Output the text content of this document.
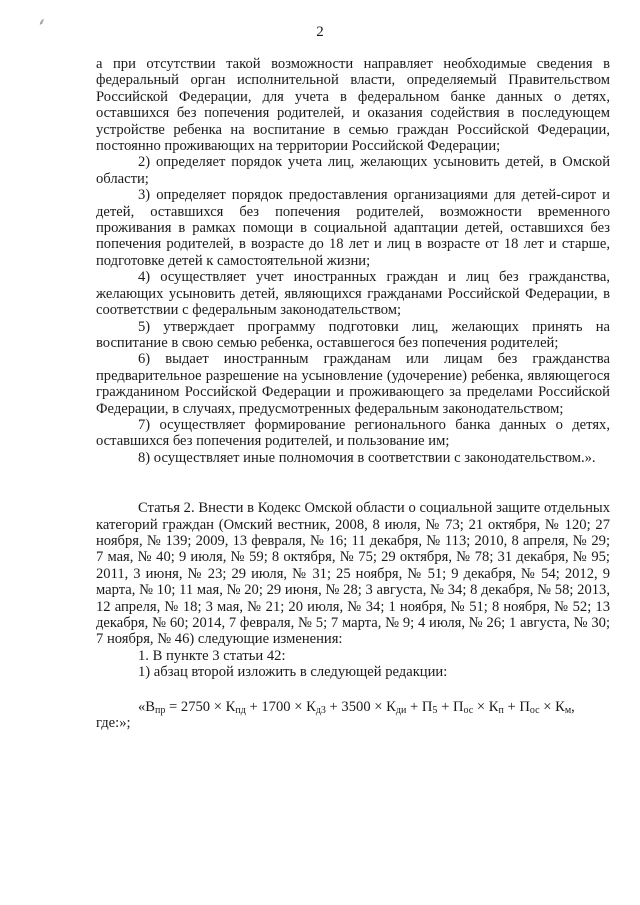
⸙
2

а при отсутствии такой возможности направляет необходимые сведения в федеральный орган исполнительной власти, определяемый Правительством Российской Федерации, для учета в федеральном банке данных о детях, оставшихся без попечения родителей, и оказания содействия в последующем устройстве ребенка на воспитание в семью граждан Российской Федерации, постоянно проживающих на территории Российской Федерации;

2) определяет порядок учета лиц, желающих усыновить детей, в Омской области;

3) определяет порядок предоставления организациями для детей-сирот и детей, оставшихся без попечения родителей, возможности временного проживания в рамках помощи в социальной адаптации детей, оставшихся без попечения родителей, в возрасте до 18 лет и лиц в возрасте от 18 лет и старше, подготовке детей к самостоятельной жизни;

4) осуществляет учет иностранных граждан и лиц без гражданства, желающих усыновить детей, являющихся гражданами Российской Федерации, в соответствии с федеральным законодательством;

5) утверждает программу подготовки лиц, желающих принять на воспитание в свою семью ребенка, оставшегося без попечения родителей;

6) выдает иностранным гражданам или лицам без гражданства предварительное разрешение на усыновление (удочерение) ребенка, являющегося гражданином Российской Федерации и проживающего за пределами Российской Федерации, в случаях, предусмотренных федеральным законодательством;

7) осуществляет формирование регионального банка данных о детях, оставшихся без попечения родителей, и пользование им;

8) осуществляет иные полномочия в соответствии с законодательством.».

Статья 2. Внести в Кодекс Омской области о социальной защите отдельных категорий граждан (Омский вестник, 2008, 8 июля, № 73; 21 октября, № 120; 27 ноября, № 139; 2009, 13 февраля, № 16; 11 декабря, № 113; 2010, 8 апреля, № 29; 7 мая, № 40; 9 июля, № 59; 8 октября, № 75; 29 октября, № 78; 31 декабря, № 95; 2011, 3 июня, № 23; 29 июля, № 31; 25 ноября, № 51; 9 декабря, № 54; 2012, 9 марта, № 10; 11 мая, № 20; 29 июня, № 28; 3 августа, № 34; 8 декабря, № 58; 2013, 12 апреля, № 18; 3 мая, № 21; 20 июля, № 34; 1 ноября, № 51; 8 ноября, № 52; 13 декабря, № 60; 2014, 7 февраля, № 5; 7 марта, № 9; 4 июля, № 26; 1 августа, № 30; 7 ноября, № 46) следующие изменения:

1. В пункте 3 статьи 42:

1) абзац второй изложить в следующей редакции:

«$В_{пр} = 2750 \times К_{пд} + 1700 \times К_{д3} + 3500 \times К_{ди} + П_5 + П_{ос} \times К_п + П_{ос} \times К_м$,

где:»;
